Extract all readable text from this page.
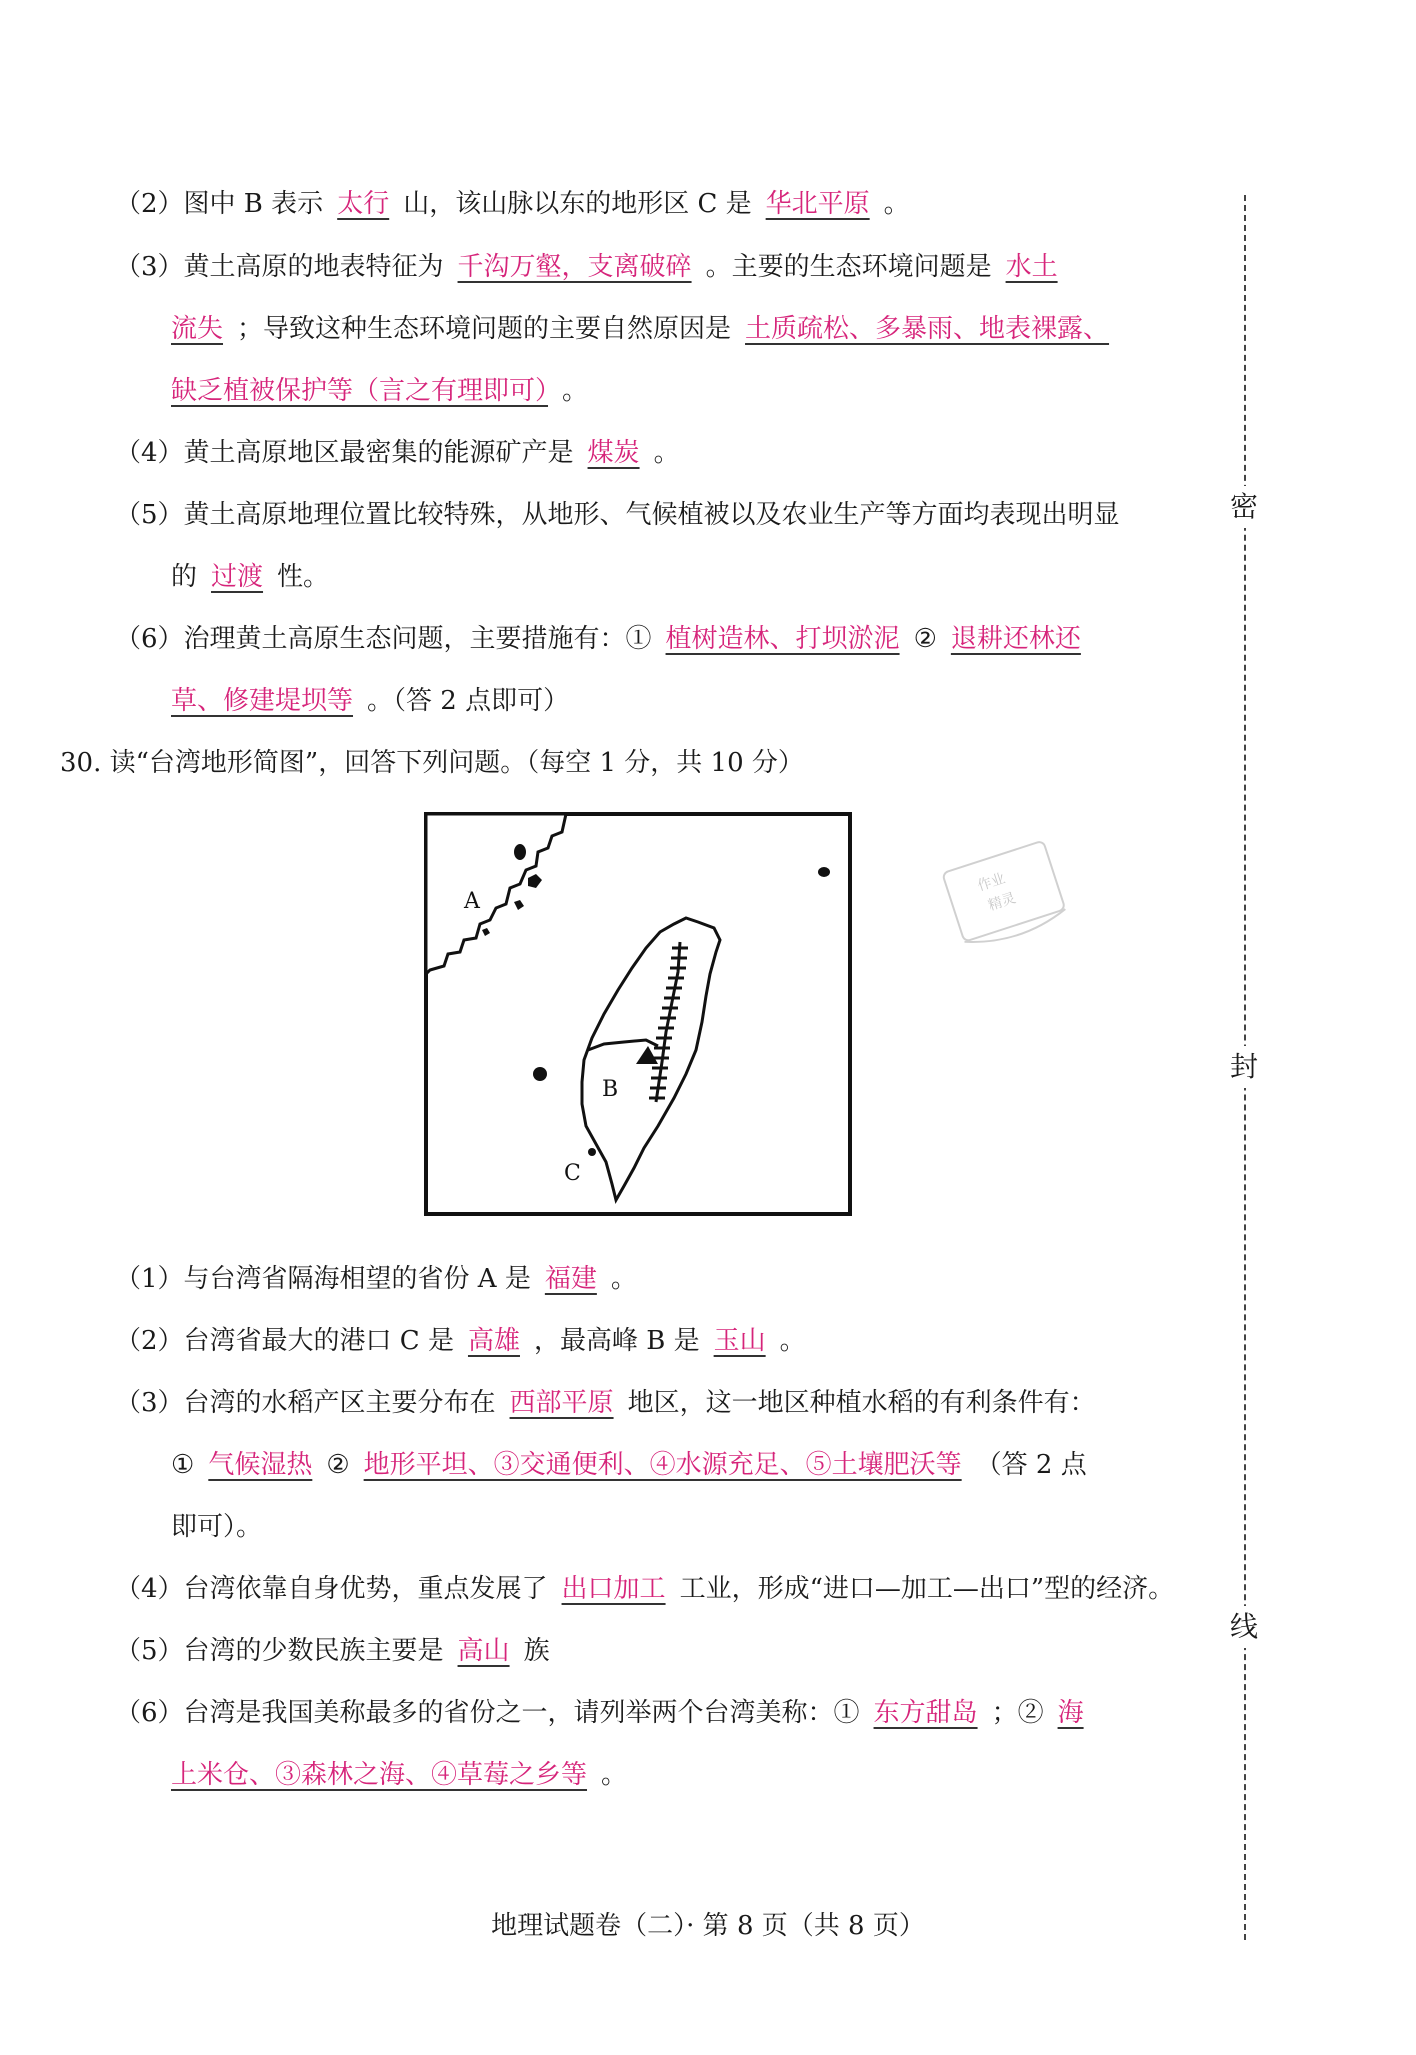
（2）图中 B 表示 太行 山，该山脉以东的地形区 C 是 华北平原 。
（3）黄土高原的地表特征为 千沟万壑，支离破碎 。主要的生态环境问题是 水土
流失 ；导致这种生态环境问题的主要自然原因是 土质疏松、多暴雨、地表裸露、
缺乏植被保护等（言之有理即可） 。
（4）黄土高原地区最密集的能源矿产是 煤炭 。
（5）黄土高原地理位置比较特殊，从地形、气候植被以及农业生产等方面均表现出明显
的 过渡 性。
（6）治理黄土高原生态问题，主要措施有：① 植树造林、打坝淤泥 ② 退耕还林还
草、修建堤坝等 。（答 2 点即可）
30. 读“台湾地形简图”，回答下列问题。（每空 1 分，共 10 分）
A
B
C
作业
精灵
（1）与台湾省隔海相望的省份 A 是 福建 。
（2）台湾省最大的港口 C 是 高雄 ，最高峰 B 是 玉山 。
（3）台湾的水稻产区主要分布在 西部平原 地区，这一地区种植水稻的有利条件有：
① 气候湿热 ② 地形平坦、③交通便利、④水源充足、⑤土壤肥沃等 （答 2 点
即可）。
（4）台湾依靠自身优势，重点发展了 出口加工 工业，形成“进口—加工—出口”型的经济。
（5）台湾的少数民族主要是 高山 族
（6）台湾是我国美称最多的省份之一，请列举两个台湾美称：① 东方甜岛 ；② 海
上米仓、③森林之海、④草莓之乡等 。
密
封
线
地理试题卷（二）· 第 8 页（共 8 页）
